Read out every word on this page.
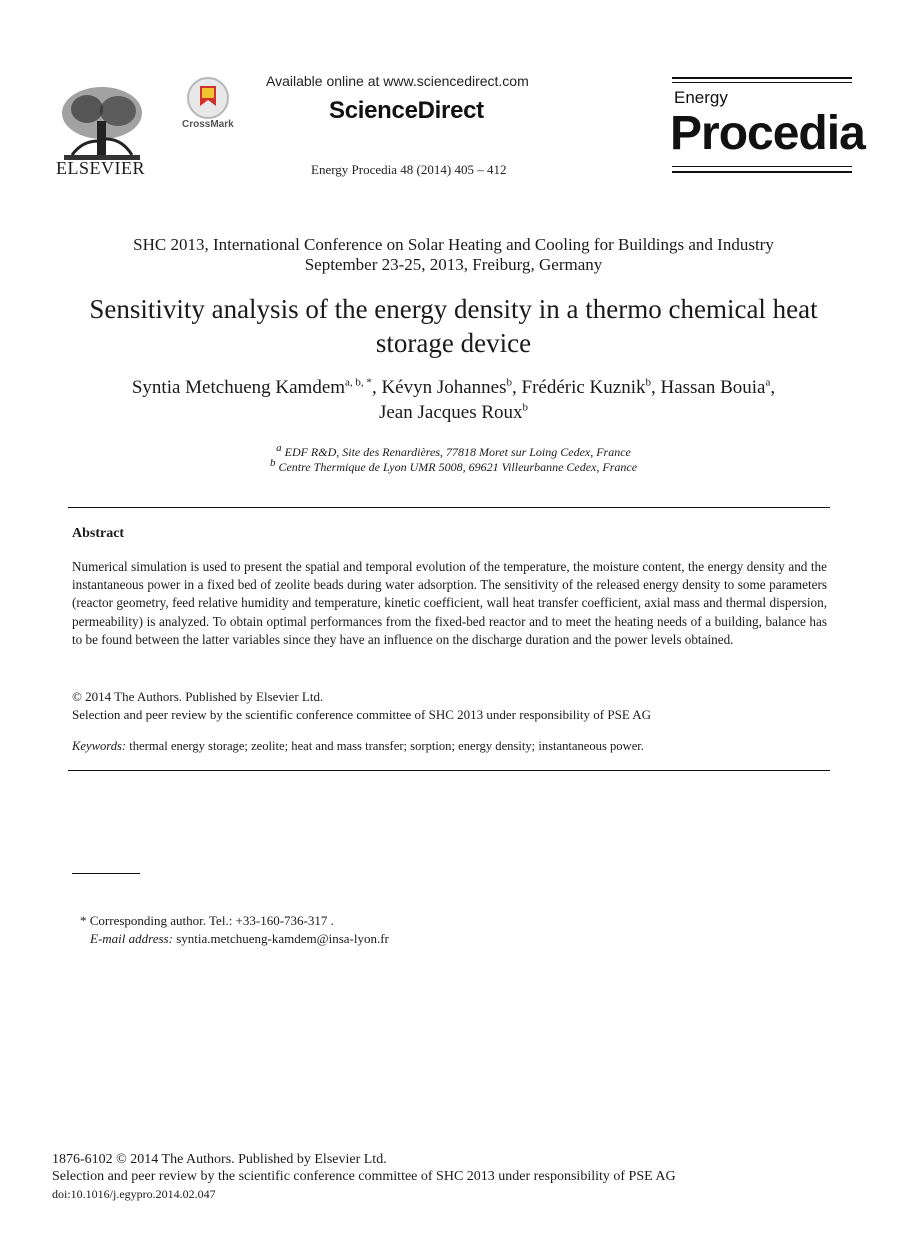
ELSEVIER
CrossMark
Available online at www.sciencedirect.com
ScienceDirect
Energy Procedia 48 (2014) 405 – 412
Energy
Procedia
SHC 2013, International Conference on Solar Heating and Cooling for Buildings and Industry
September 23-25, 2013, Freiburg, Germany
Sensitivity analysis of the energy density in a thermo chemical heat
storage device
Syntia Metchueng Kamdem$^{a, b, *}$, Kévyn Johannes$^b$, Frédéric Kuznik$^b$, Hassan Bouia$^a$,
Jean Jacques Roux$^b$
$^a$ EDF R&D, Site des Renardières, 77818 Moret sur Loing Cedex, France
$^b$ Centre Thermique de Lyon UMR 5008, 69621 Villeurbanne Cedex, France
Abstract
Numerical simulation is used to present the spatial and temporal evolution of the temperature, the moisture content, the energy density and the instantaneous power in a fixed bed of zeolite beads during water adsorption. The sensitivity of the released energy density to some parameters (reactor geometry, feed relative humidity and temperature, kinetic coefficient, wall heat transfer coefficient, axial mass and thermal dispersion, permeability) is analyzed. To obtain optimal performances from the fixed-bed reactor and to meet the heating needs of a building, balance has to be found between the latter variables since they have an influence on the discharge duration and the power levels obtained.
© 2014 The Authors. Published by Elsevier Ltd.
Selection and peer review by the scientific conference committee of SHC 2013 under responsibility of PSE AG
Keywords: thermal energy storage; zeolite; heat and mass transfer; sorption; energy density; instantaneous power.
* Corresponding author. Tel.: +33-160-736-317 .
E-mail address: syntia.metchueng-kamdem@insa-lyon.fr
1876-6102 © 2014 The Authors. Published by Elsevier Ltd.
Selection and peer review by the scientific conference committee of SHC 2013 under responsibility of PSE AG
doi:10.1016/j.egypro.2014.02.047
